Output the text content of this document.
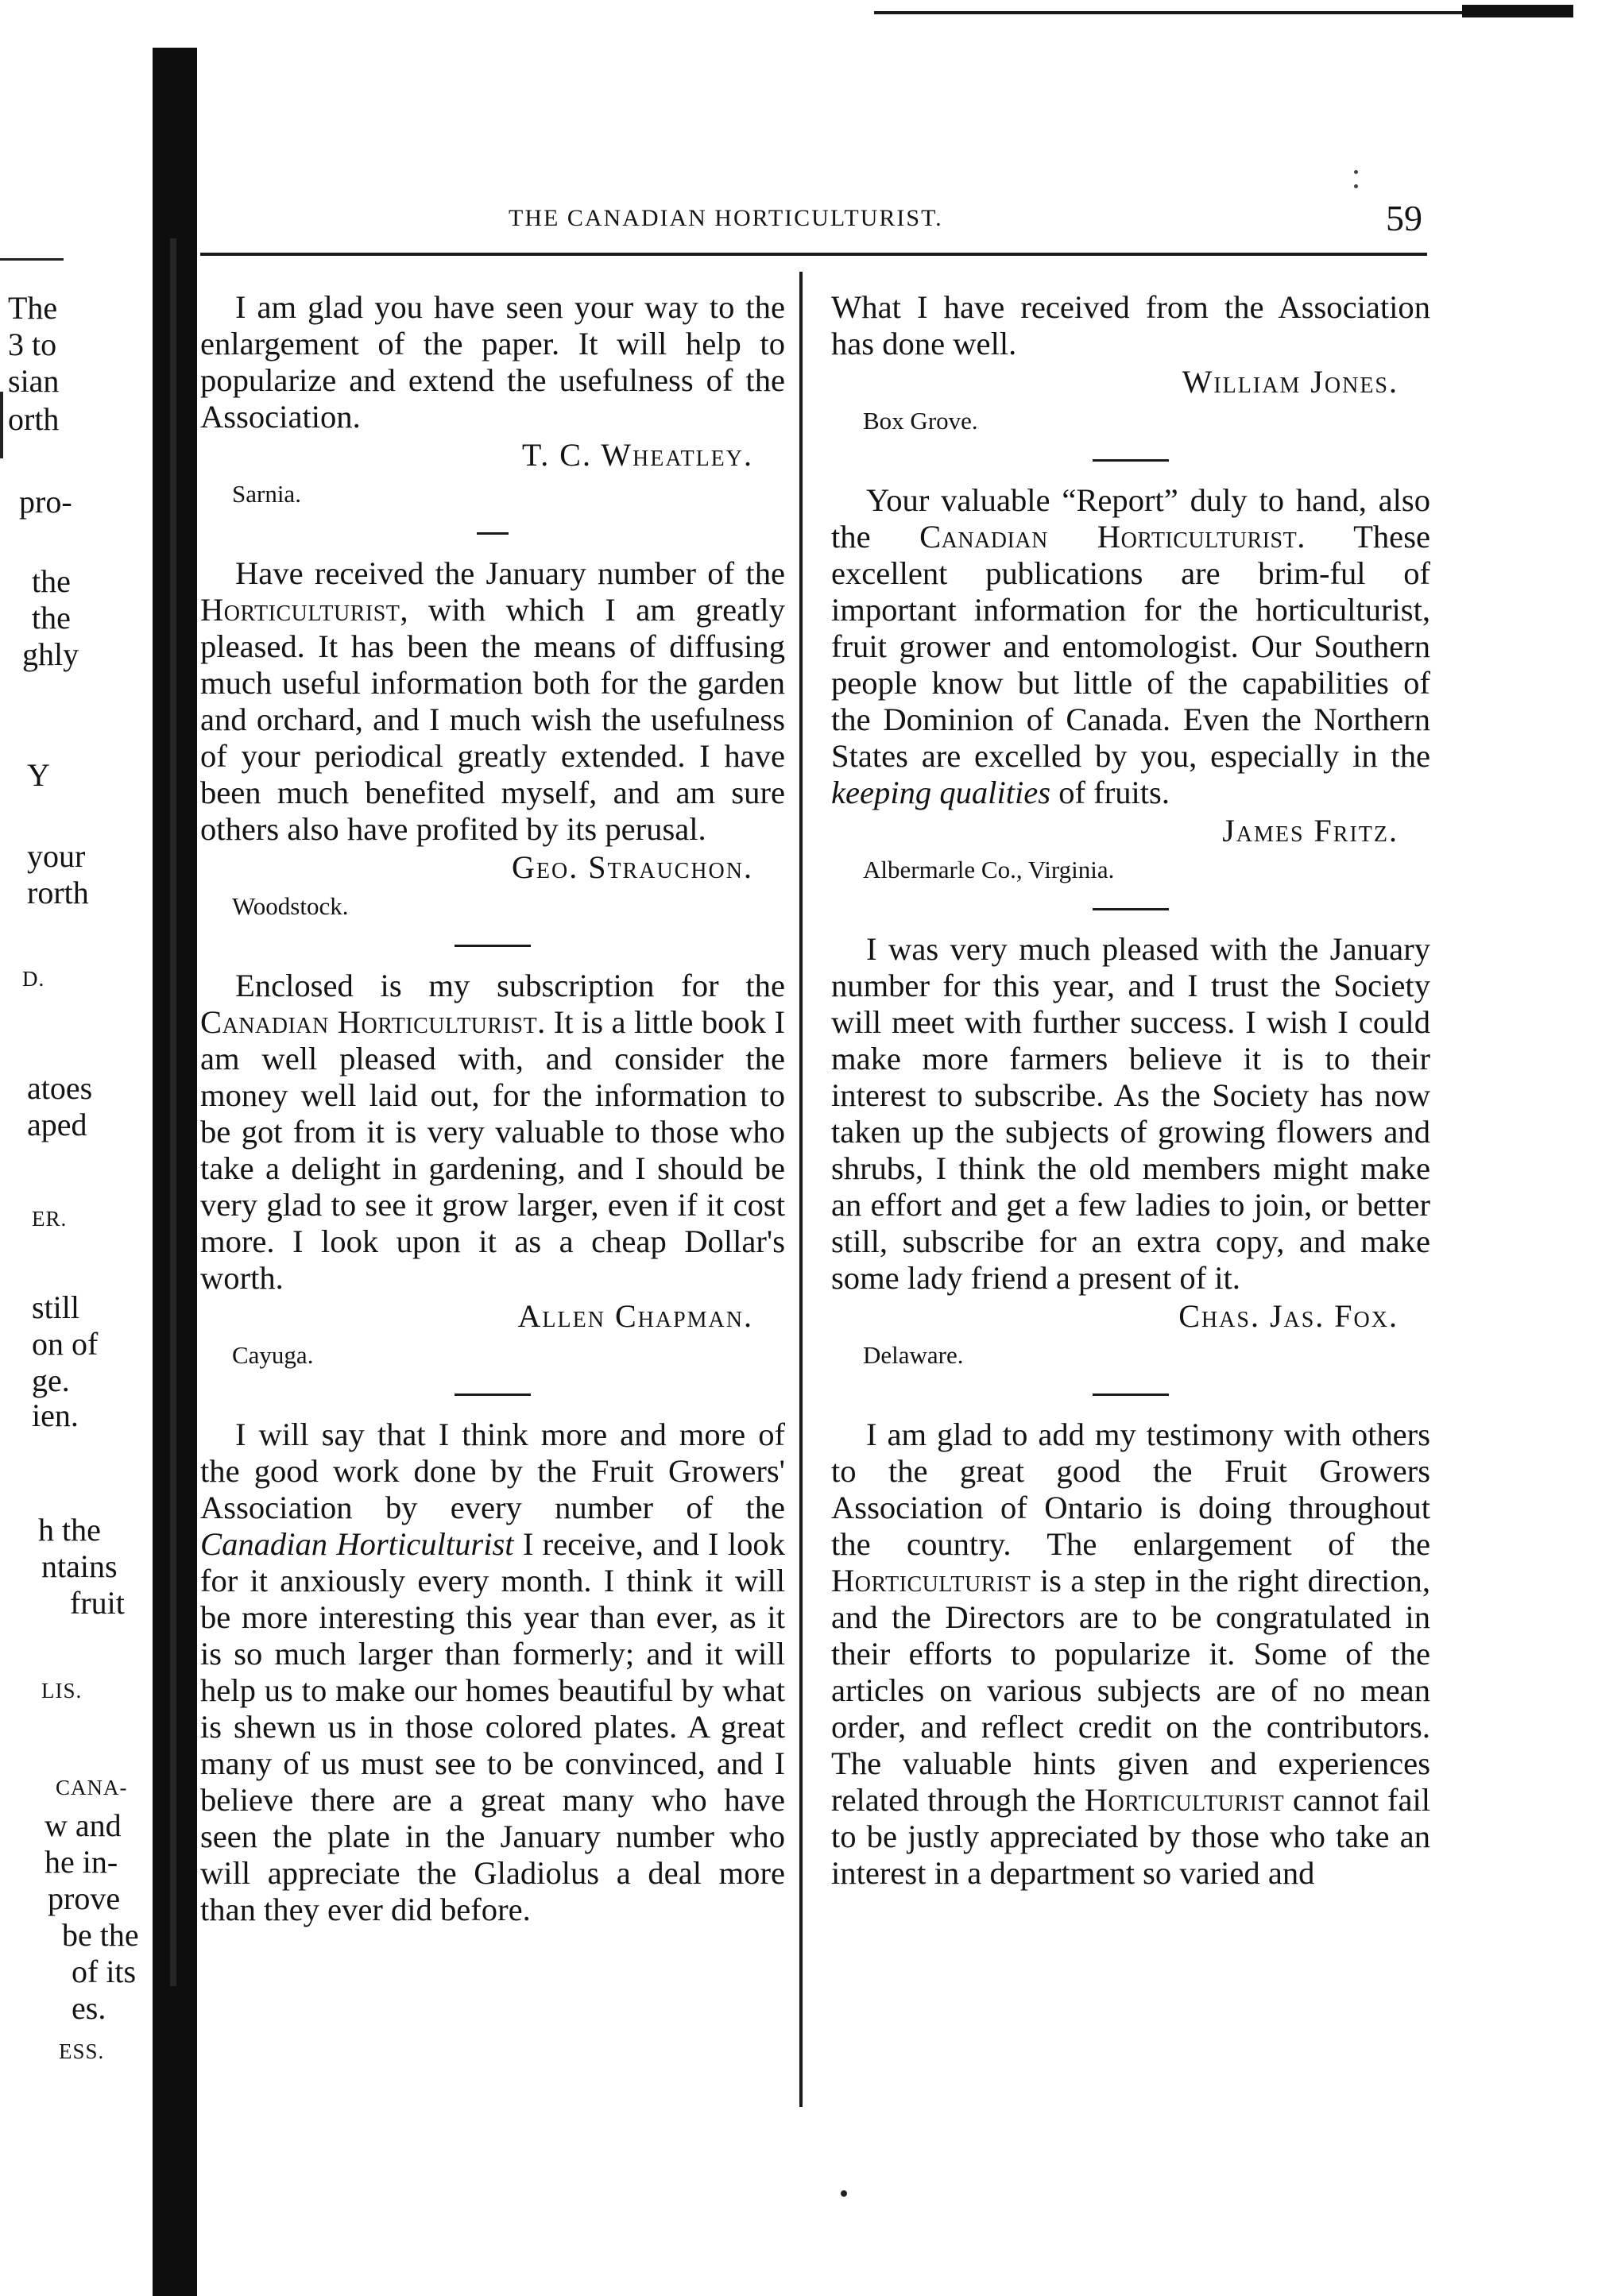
The
3 to
sian
orth
pro-
the
the
ghly
Y
your
rorth
D.
atoes
aped
ER.
still
on of
ge.
ien.
h the
ntains
fruit
LIS.
CANA-
w and
he in-
prove
be the
of its
es.
ESS.
THE CANADIAN HORTICULTURIST.	59

I am glad you have seen your way to the enlargement of the paper. It will help to popularize and extend the usefulness of the Association.

T. C. Wheatley.

Sarnia.

Have received the January number of the Horticulturist, with which I am greatly pleased. It has been the means of diffusing much useful information both for the garden and orchard, and I much wish the usefulness of your periodical greatly extended. I have been much benefited myself, and am sure others also have profited by its perusal.

Geo. Strauchon.

Woodstock.

Enclosed is my subscription for the Canadian Horticulturist. It is a little book I am well pleased with, and consider the money well laid out, for the information to be got from it is very valuable to those who take a delight in gardening, and I should be very glad to see it grow larger, even if it cost more. I look upon it as a cheap Dollar's worth.

Allen Chapman.

Cayuga.

I will say that I think more and more of the good work done by the Fruit Growers' Association by every number of the Canadian Horticulturist I receive, and I look for it anxiously every month. I think it will be more interesting this year than ever, as it is so much larger than formerly; and it will help us to make our homes beautiful by what is shewn us in those colored plates. A great many of us must see to be convinced, and I believe there are a great many who have seen the plate in the January number who will appreciate the Gladiolus a deal more than they ever did before.

What I have received from the Association has done well.

William Jones.

Box Grove.

Your valuable “Report” duly to hand, also the Canadian Horticulturist. These excellent publications are brim-ful of important information for the horticulturist, fruit grower and entomologist. Our Southern people know but little of the capabilities of the Dominion of Canada. Even the Northern States are excelled by you, especially in the keeping qualities of fruits.

James Fritz.

Albermarle Co., Virginia.

I was very much pleased with the January number for this year, and I trust the Society will meet with further success. I wish I could make more farmers believe it is to their interest to subscribe. As the Society has now taken up the subjects of growing flowers and shrubs, I think the old members might make an effort and get a few ladies to join, or better still, subscribe for an extra copy, and make some lady friend a present of it.

Chas. Jas. Fox.

Delaware.

I am glad to add my testimony with others to the great good the Fruit Growers Association of Ontario is doing throughout the country. The enlargement of the Horticulturist is a step in the right direction, and the Directors are to be congratulated in their efforts to popularize it. Some of the articles on various subjects are of no mean order, and reflect credit on the contributors. The valuable hints given and experiences related through the Horticulturist cannot fail to be justly appreciated by those who take an interest in a department so varied and
